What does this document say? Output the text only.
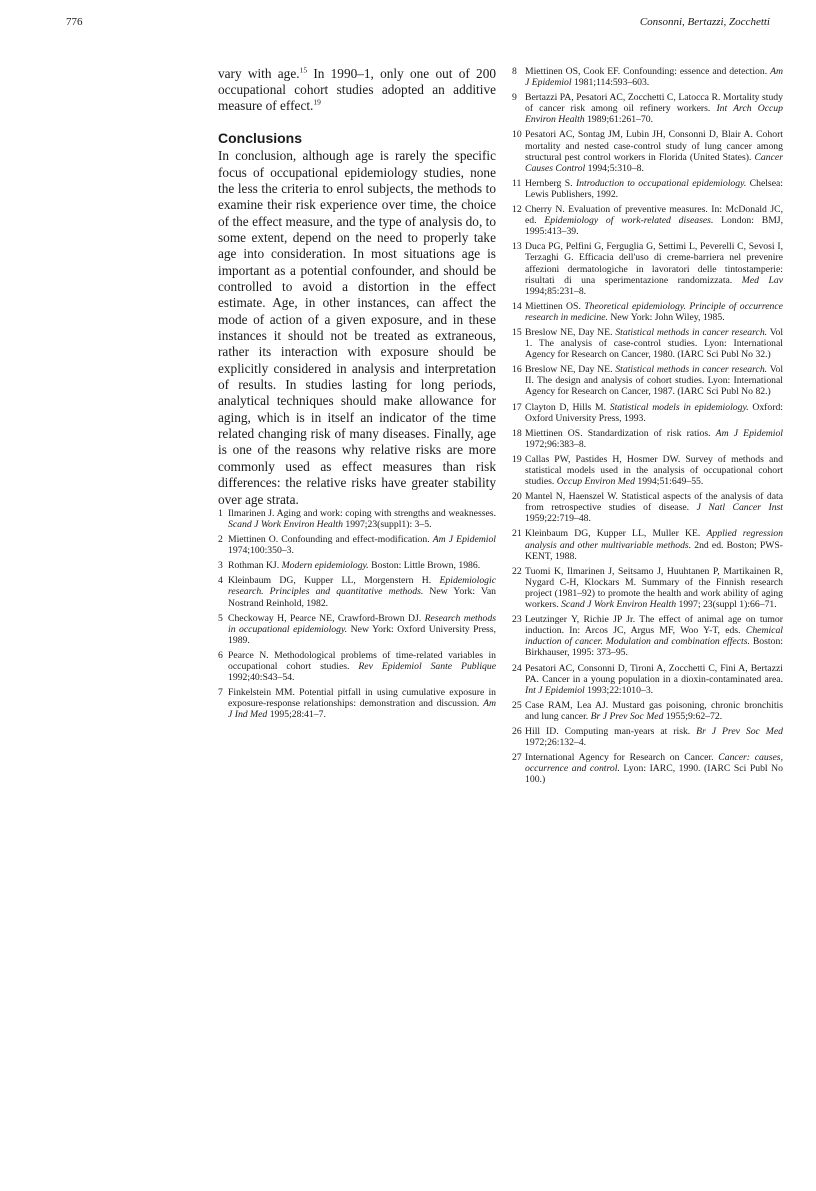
776	Consonni, Bertazzi, Zocchetti

vary with age.$^{15}$ In 1990–1, only one out of 200 occupational cohort studies adopted an additive measure of effect.$^{19}$

Conclusions

In conclusion, although age is rarely the specific focus of occupational epidemiology studies, none the less the criteria to enrol subjects, the methods to examine their risk experience over time, the choice of the effect measure, and the type of analysis do, to some extent, depend on the need to properly take age into consideration. In most situations age is important as a potential confounder, and should be controlled to avoid a distortion in the effect estimate. Age, in other instances, can affect the mode of action of a given exposure, and in these instances it should not be treated as extraneous, rather its interaction with exposure should be explicitly considered in analysis and interpretation of results. In studies lasting for long periods, analytical techniques should make allowance for aging, which is in itself an indicator of the time related changing risk of many diseases. Finally, age is one of the reasons why relative risks are more commonly used as effect measures than risk differences: the relative risks have greater stability over age strata.

1 Ilmarinen J. Aging and work: coping with strengths and weaknesses. Scand J Work Environ Health 1997;23(suppl1): 3–5.
2 Miettinen O. Confounding and effect-modification. Am J Epidemiol 1974;100:350–3.
3 Rothman KJ. Modern epidemiology. Boston: Little Brown, 1986.
4 Kleinbaum DG, Kupper LL, Morgenstern H. Epidemiologic research. Principles and quantitative methods. New York: Van Nostrand Reinhold, 1982.
5 Checkoway H, Pearce NE, Crawford-Brown DJ. Research methods in occupational epidemiology. New York: Oxford University Press, 1989.
6 Pearce N. Methodological problems of time-related variables in occupational cohort studies. Rev Epidemiol Sante Publique 1992;40:S43–54.
7 Finkelstein MM. Potential pitfall in using cumulative exposure in exposure-response relationships: demonstration and discussion. Am J Ind Med 1995;28:41–7.
8 Miettinen OS, Cook EF. Confounding: essence and detection. Am J Epidemiol 1981;114:593–603.
9 Bertazzi PA, Pesatori AC, Zocchetti C, Latocca R. Mortality study of cancer risk among oil refinery workers. Int Arch Occup Environ Health 1989;61:261–70.
10 Pesatori AC, Sontag JM, Lubin JH, Consonni D, Blair A. Cohort mortality and nested case-control study of lung cancer among structural pest control workers in Florida (United States). Cancer Causes Control 1994;5:310–8.
11 Hernberg S. Introduction to occupational epidemiology. Chelsea: Lewis Publishers, 1992.
12 Cherry N. Evaluation of preventive measures. In: McDonald JC, ed. Epidemiology of work-related diseases. London: BMJ, 1995:413–39.
13 Duca PG, Pelfini G, Ferguglia G, Settimi L, Peverelli C, Sevosi I, Terzaghi G. Efficacia dell'uso di creme-barriera nel prevenire affezioni dermatologiche in lavoratori delle tintostamperie: risultati di una sperimentazione randomizzata. Med Lav 1994;85:231–8.
14 Miettinen OS. Theoretical epidemiology. Principle of occurrence research in medicine. New York: John Wiley, 1985.
15 Breslow NE, Day NE. Statistical methods in cancer research. Vol 1. The analysis of case-control studies. Lyon: International Agency for Research on Cancer, 1980. (IARC Sci Publ No 32.)
16 Breslow NE, Day NE. Statistical methods in cancer research. Vol II. The design and analysis of cohort studies. Lyon: International Agency for Research on Cancer, 1987. (IARC Sci Publ No 82.)
17 Clayton D, Hills M. Statistical models in epidemiology. Oxford: Oxford University Press, 1993.
18 Miettinen OS. Standardization of risk ratios. Am J Epidemiol 1972;96:383–8.
19 Callas PW, Pastides H, Hosmer DW. Survey of methods and statistical models used in the analysis of occupational cohort studies. Occup Environ Med 1994;51:649–55.
20 Mantel N, Haenszel W. Statistical aspects of the analysis of data from retrospective studies of disease. J Natl Cancer Inst 1959;22:719–48.
21 Kleinbaum DG, Kupper LL, Muller KE. Applied regression analysis and other multivariable methods. 2nd ed. Boston; PWS-KENT, 1988.
22 Tuomi K, Ilmarinen J, Seitsamo J, Huuhtanen P, Martikainen R, Nygard C-H, Klockars M. Summary of the Finnish research project (1981–92) to promote the health and work ability of aging workers. Scand J Work Environ Health 1997; 23(suppl 1):66–71.
23 Leutzinger Y, Richie JP Jr. The effect of animal age on tumor induction. In: Arcos JC, Argus MF, Woo Y-T, eds. Chemical induction of cancer. Modulation and combination effects. Boston: Birkhauser, 1995: 373–95.
24 Pesatori AC, Consonni D, Tironi A, Zocchetti C, Fini A, Bertazzi PA. Cancer in a young population in a dioxin-contaminated area. Int J Epidemiol 1993;22:1010–3.
25 Case RAM, Lea AJ. Mustard gas poisoning, chronic bronchitis and lung cancer. Br J Prev Soc Med 1955;9:62–72.
26 Hill ID. Computing man-years at risk. Br J Prev Soc Med 1972;26:132–4.
27 International Agency for Research on Cancer. Cancer: causes, occurrence and control. Lyon: IARC, 1990. (IARC Sci Publ No 100.)
